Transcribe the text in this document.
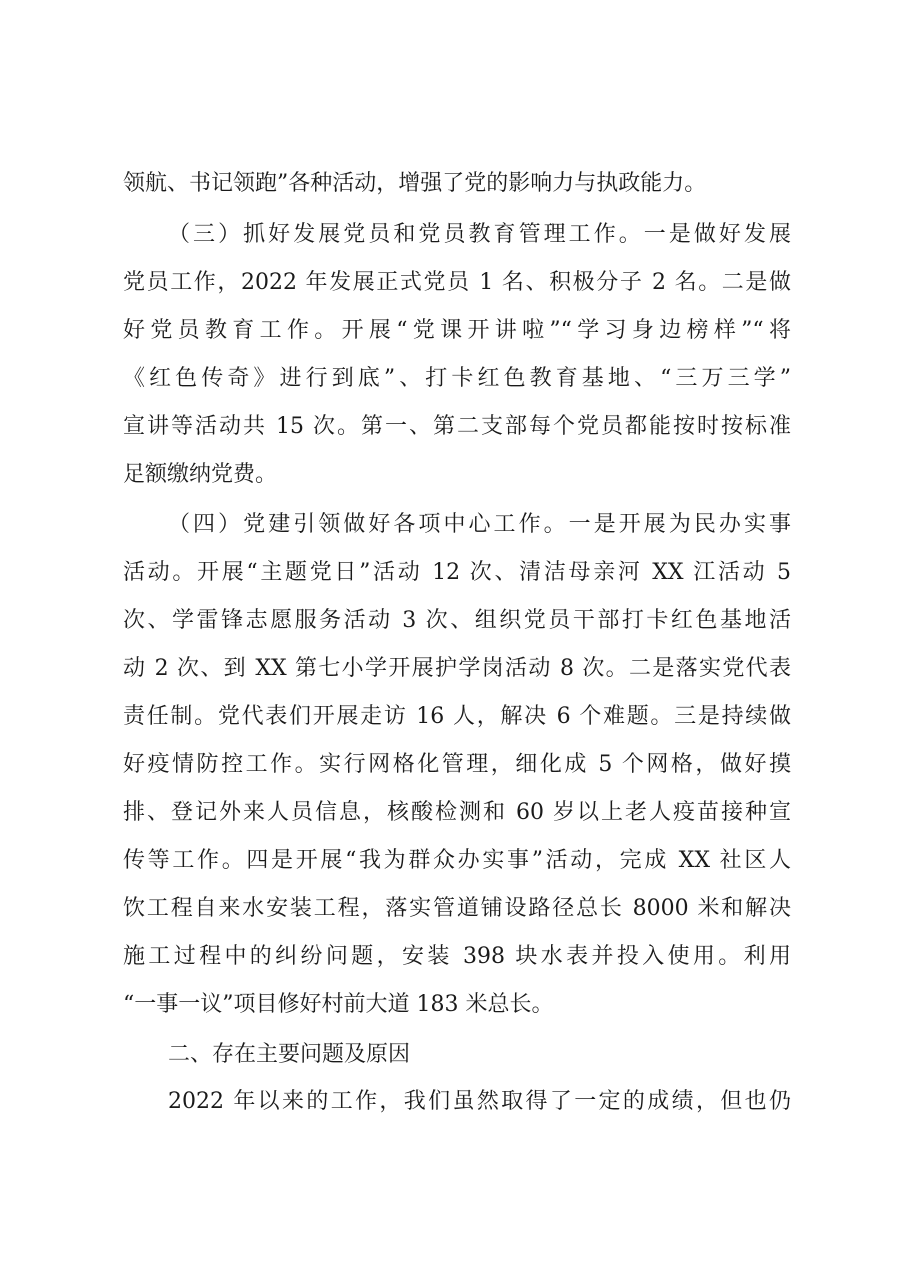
领航、书记领跑”各种活动，增强了党的影响力与执政能力。
（三）抓好发展党员和党员教育管理工作。一是做好发展
党员工作，2022 年发展正式党员 1 名、积极分子 2 名。二是做
好党员教育工作。开展“党课开讲啦”“学习身边榜样”“将
《红色传奇》进行到底”、打卡红色教育基地、“三万三学”
宣讲等活动共 15 次。第一、第二支部每个党员都能按时按标准
足额缴纳党费。
（四）党建引领做好各项中心工作。一是开展为民办实事
活动。开展“主题党日”活动 12 次、清洁母亲河 XX 江活动 5
次、学雷锋志愿服务活动 3 次、组织党员干部打卡红色基地活
动 2 次、到 XX 第七小学开展护学岗活动 8 次。二是落实党代表
责任制。党代表们开展走访 16 人，解决 6 个难题。三是持续做
好疫情防控工作。实行网格化管理，细化成 5 个网格，做好摸
排、登记外来人员信息，核酸检测和 60 岁以上老人疫苗接种宣
传等工作。四是开展“我为群众办实事”活动，完成 XX 社区人
饮工程自来水安装工程，落实管道铺设路径总长 8000 米和解决
施工过程中的纠纷问题，安装 398 块水表并投入使用。利用
“一事一议”项目修好村前大道 183 米总长。
二、存在主要问题及原因
2022 年以来的工作，我们虽然取得了一定的成绩，但也仍
